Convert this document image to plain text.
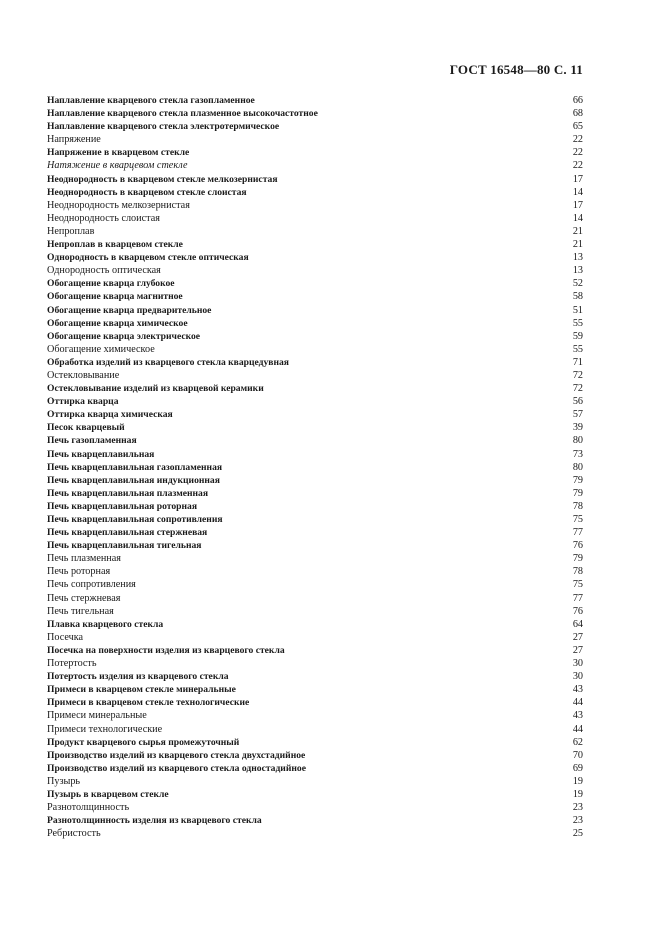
ГОСТ 16548—80 С. 11
Наплавление кварцевого стекла газопламенное	66
Наплавление кварцевого стекла плазменное высокочастотное	68
Наплавление кварцевого стекла электротермическое	65
Напряжение	22
Напряжение в кварцевом стекле	22
Натяжение в кварцевом стекле	22
Неоднородность в кварцевом стекле мелкозернистая	17
Неоднородность в кварцевом стекле слоистая	14
Неоднородность мелкозернистая	17
Неоднородность слоистая	14
Непроплав	21
Непроплав в кварцевом стекле	21
Однородность в кварцевом стекле оптическая	13
Однородность оптическая	13
Обогащение кварца глубокое	52
Обогащение кварца магнитное	58
Обогащение кварца предварительное	51
Обогащение кварца химическое	55
Обогащение кварца электрическое	59
Обогащение химическое	55
Обработка изделий из кварцевого стекла кварцедувная	71
Остекловывание	72
Остекловывание изделий из кварцевой керамики	72
Оттирка кварца	56
Оттирка кварца химическая	57
Песок кварцевый	39
Печь газопламенная	80
Печь кварцеплавильная	73
Печь кварцеплавильная газопламенная	80
Печь кварцеплавильная индукционная	79
Печь кварцеплавильная плазменная	79
Печь кварцеплавильная роторная	78
Печь кварцеплавильная сопротивления	75
Печь кварцеплавильная стержневая	77
Печь кварцеплавильная тигельная	76
Печь плазменная	79
Печь роторная	78
Печь сопротивления	75
Печь стержневая	77
Печь тигельная	76
Плавка кварцевого стекла	64
Посечка	27
Посечка на поверхности изделия из кварцевого стекла	27
Потертость	30
Потертость изделия из кварцевого стекла	30
Примеси в кварцевом стекле минеральные	43
Примеси в кварцевом стекле технологические	44
Примеси минеральные	43
Примеси технологические	44
Продукт кварцевого сырья промежуточный	62
Производство изделий из кварцевого стекла двухстадийное	70
Производство изделий из кварцевого стекла одностадийное	69
Пузырь	19
Пузырь в кварцевом стекле	19
Разнотолщинность	23
Разнотолщинность изделия из кварцевого стекла	23
Ребристость	25
